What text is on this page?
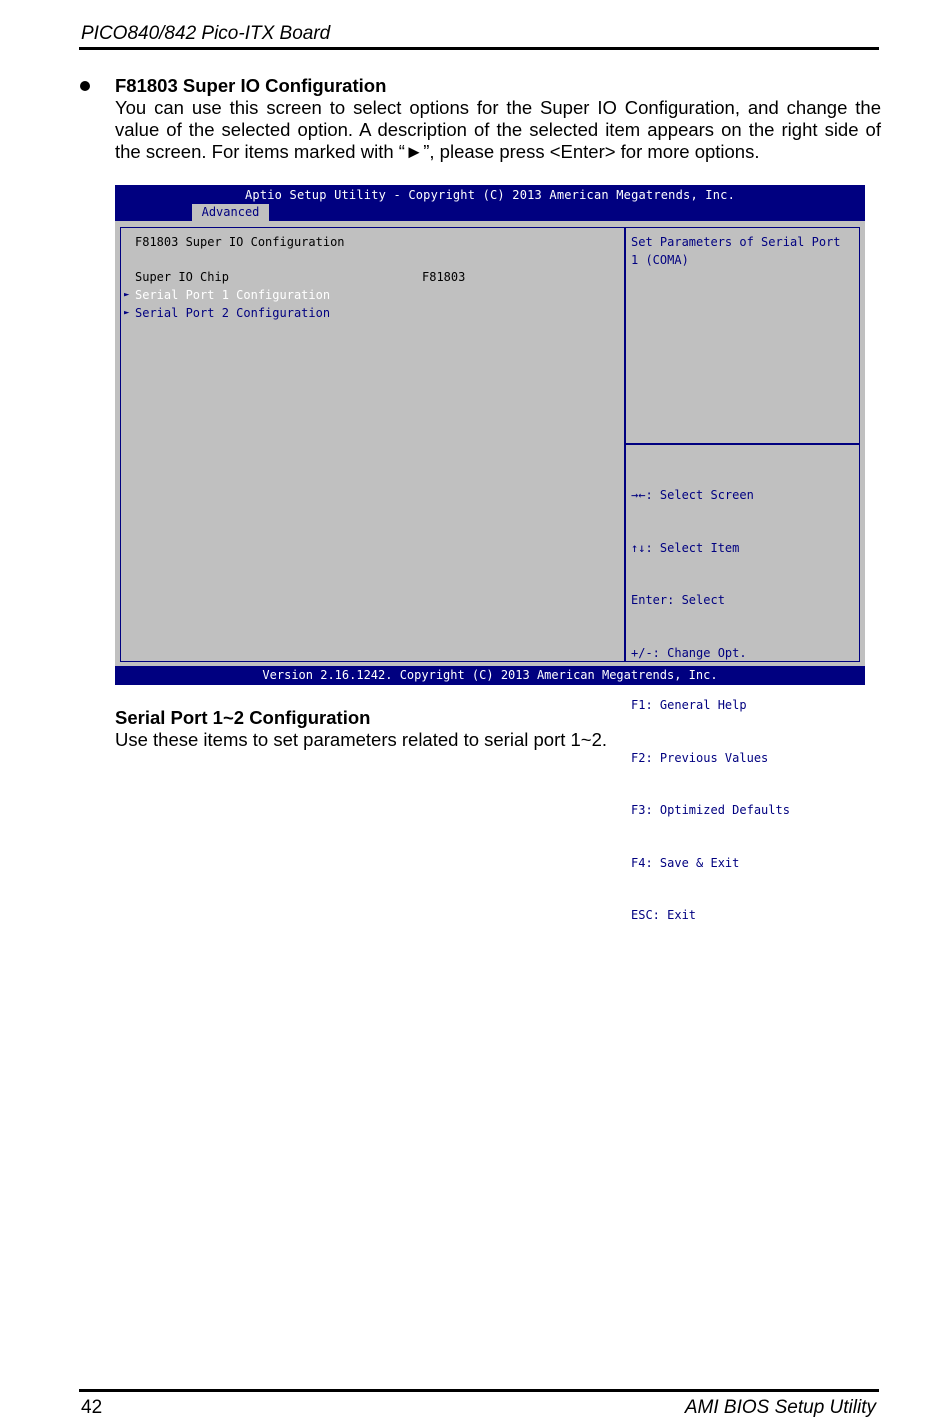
PICO840/842 Pico-ITX Board
F81803 Super IO Configuration
You can use this screen to select options for the Super IO Configuration, and change the value of the selected option. A description of the selected item appears on the right side of the screen. For items marked with “►”, please press <Enter> for more options.
Aptio Setup Utility - Copyright (C) 2013 American Megatrends, Inc.
Advanced
F81803 Super IO Configuration
Super IO Chip	F81803
► Serial Port 1 Configuration
► Serial Port 2 Configuration
Set Parameters of Serial Port
1 (COMA)

→←: Select Screen

↑↓: Select Item

Enter: Select

+/-: Change Opt.

F1: General Help

F2: Previous Values

F3: Optimized Defaults

F4: Save & Exit

ESC: Exit

Version 2.16.1242. Copyright (C) 2013 American Megatrends, Inc.
Serial Port 1~2 Configuration
Use these items to set parameters related to serial port 1~2.
42	AMI BIOS Setup Utility
